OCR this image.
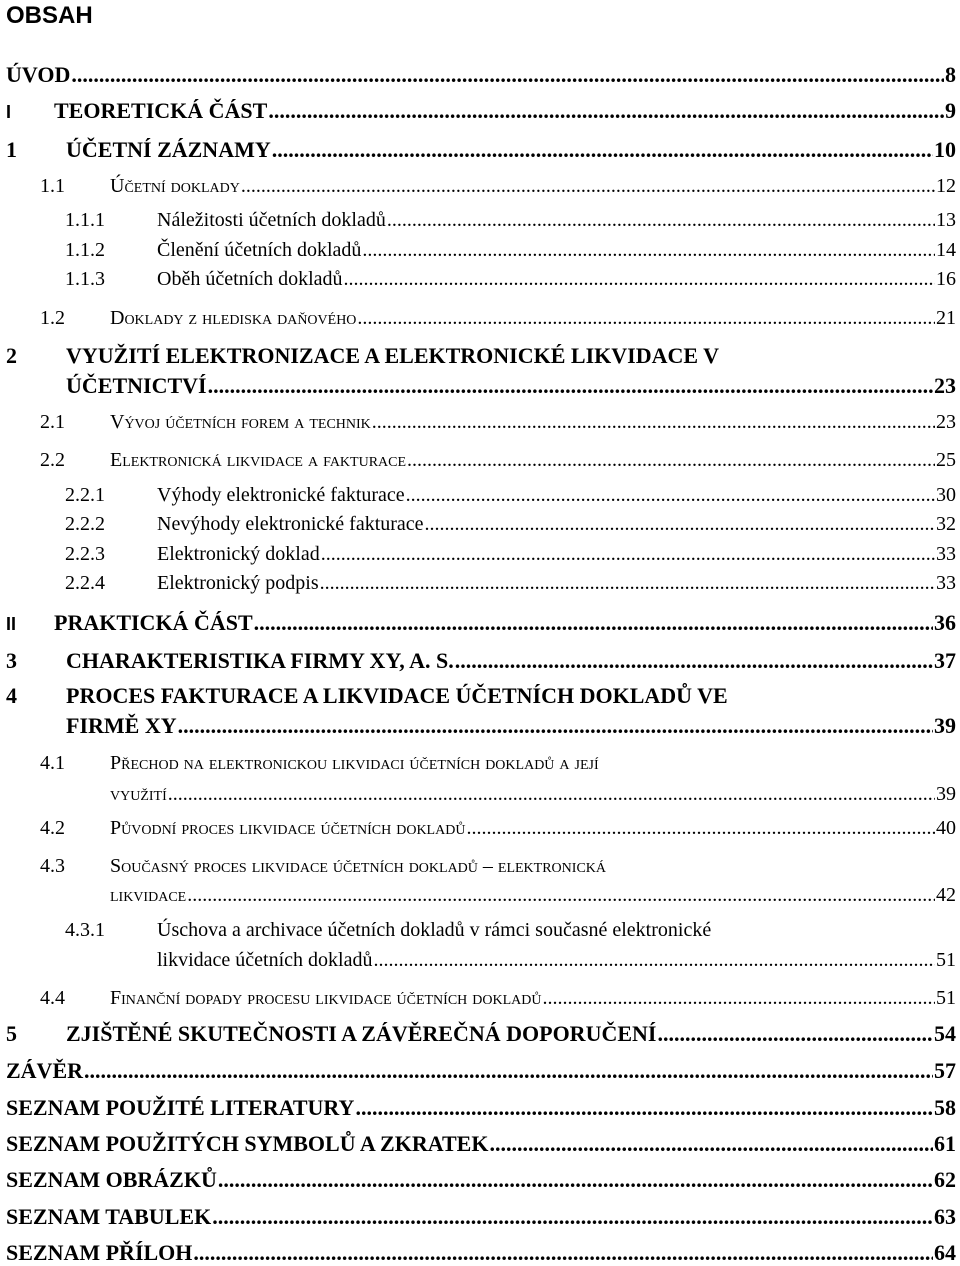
OBSAH
ÚVOD .....	8
I	TEORETICKÁ ČÁST .....	9
1	ÚČETNÍ ZÁZNAMY .....	10
1.1	Účetní doklady .....	12
1.1.1	Náležitosti účetních dokladů .....	13
1.1.2	Členění účetních dokladů .....	14
1.1.3	Oběh účetních dokladů .....	16
1.2	Doklady z hlediska daňového .....	21
2 VYUŽITÍ ELEKTRONIZACE A ELEKTRONICKÉ LIKVIDACE V
ÚČETNICTVÍ .....	23
2.1	Vývoj účetních forem a technik .....	23
2.2	Elektronická likvidace a fakturace .....	25
2.2.1	Výhody elektronické fakturace .....	30
2.2.2	Nevýhody elektronické fakturace .....	32
2.2.3	Elektronický doklad .....	33
2.2.4	Elektronický podpis .....	33
II	PRAKTICKÁ ČÁST .....	36
3	CHARAKTERISTIKA FIRMY XY, A. S. .....	37
4 PROCES FAKTURACE A LIKVIDACE ÚČETNÍCH DOKLADŮ VE
FIRMĚ XY .....	39
4.1 Přechod na elektronickou likvidaci účetních dokladů a její
využití .....	39
4.2	Původní proces likvidace účetních dokladů .....	40
4.3 Současný proces likvidace účetních dokladů – elektronická
likvidace .....	42
4.3.1	Úschova a archivace účetních dokladů v rámci současné elektronické
likvidace účetních dokladů .....	51
4.4	Finanční dopady procesu likvidace účetních dokladů .....	51
5	ZJIŠTĚNÉ SKUTEČNOSTI A ZÁVĚREČNÁ DOPORUČENÍ .....	54
ZÁVĚR .....	57
SEZNAM POUŽITÉ LITERATURY .....	58
SEZNAM POUŽITÝCH SYMBOLŮ A ZKRATEK .....	61
SEZNAM OBRÁZKŮ .....	62
SEZNAM TABULEK .....	63
SEZNAM PŘÍLOH .....	64
